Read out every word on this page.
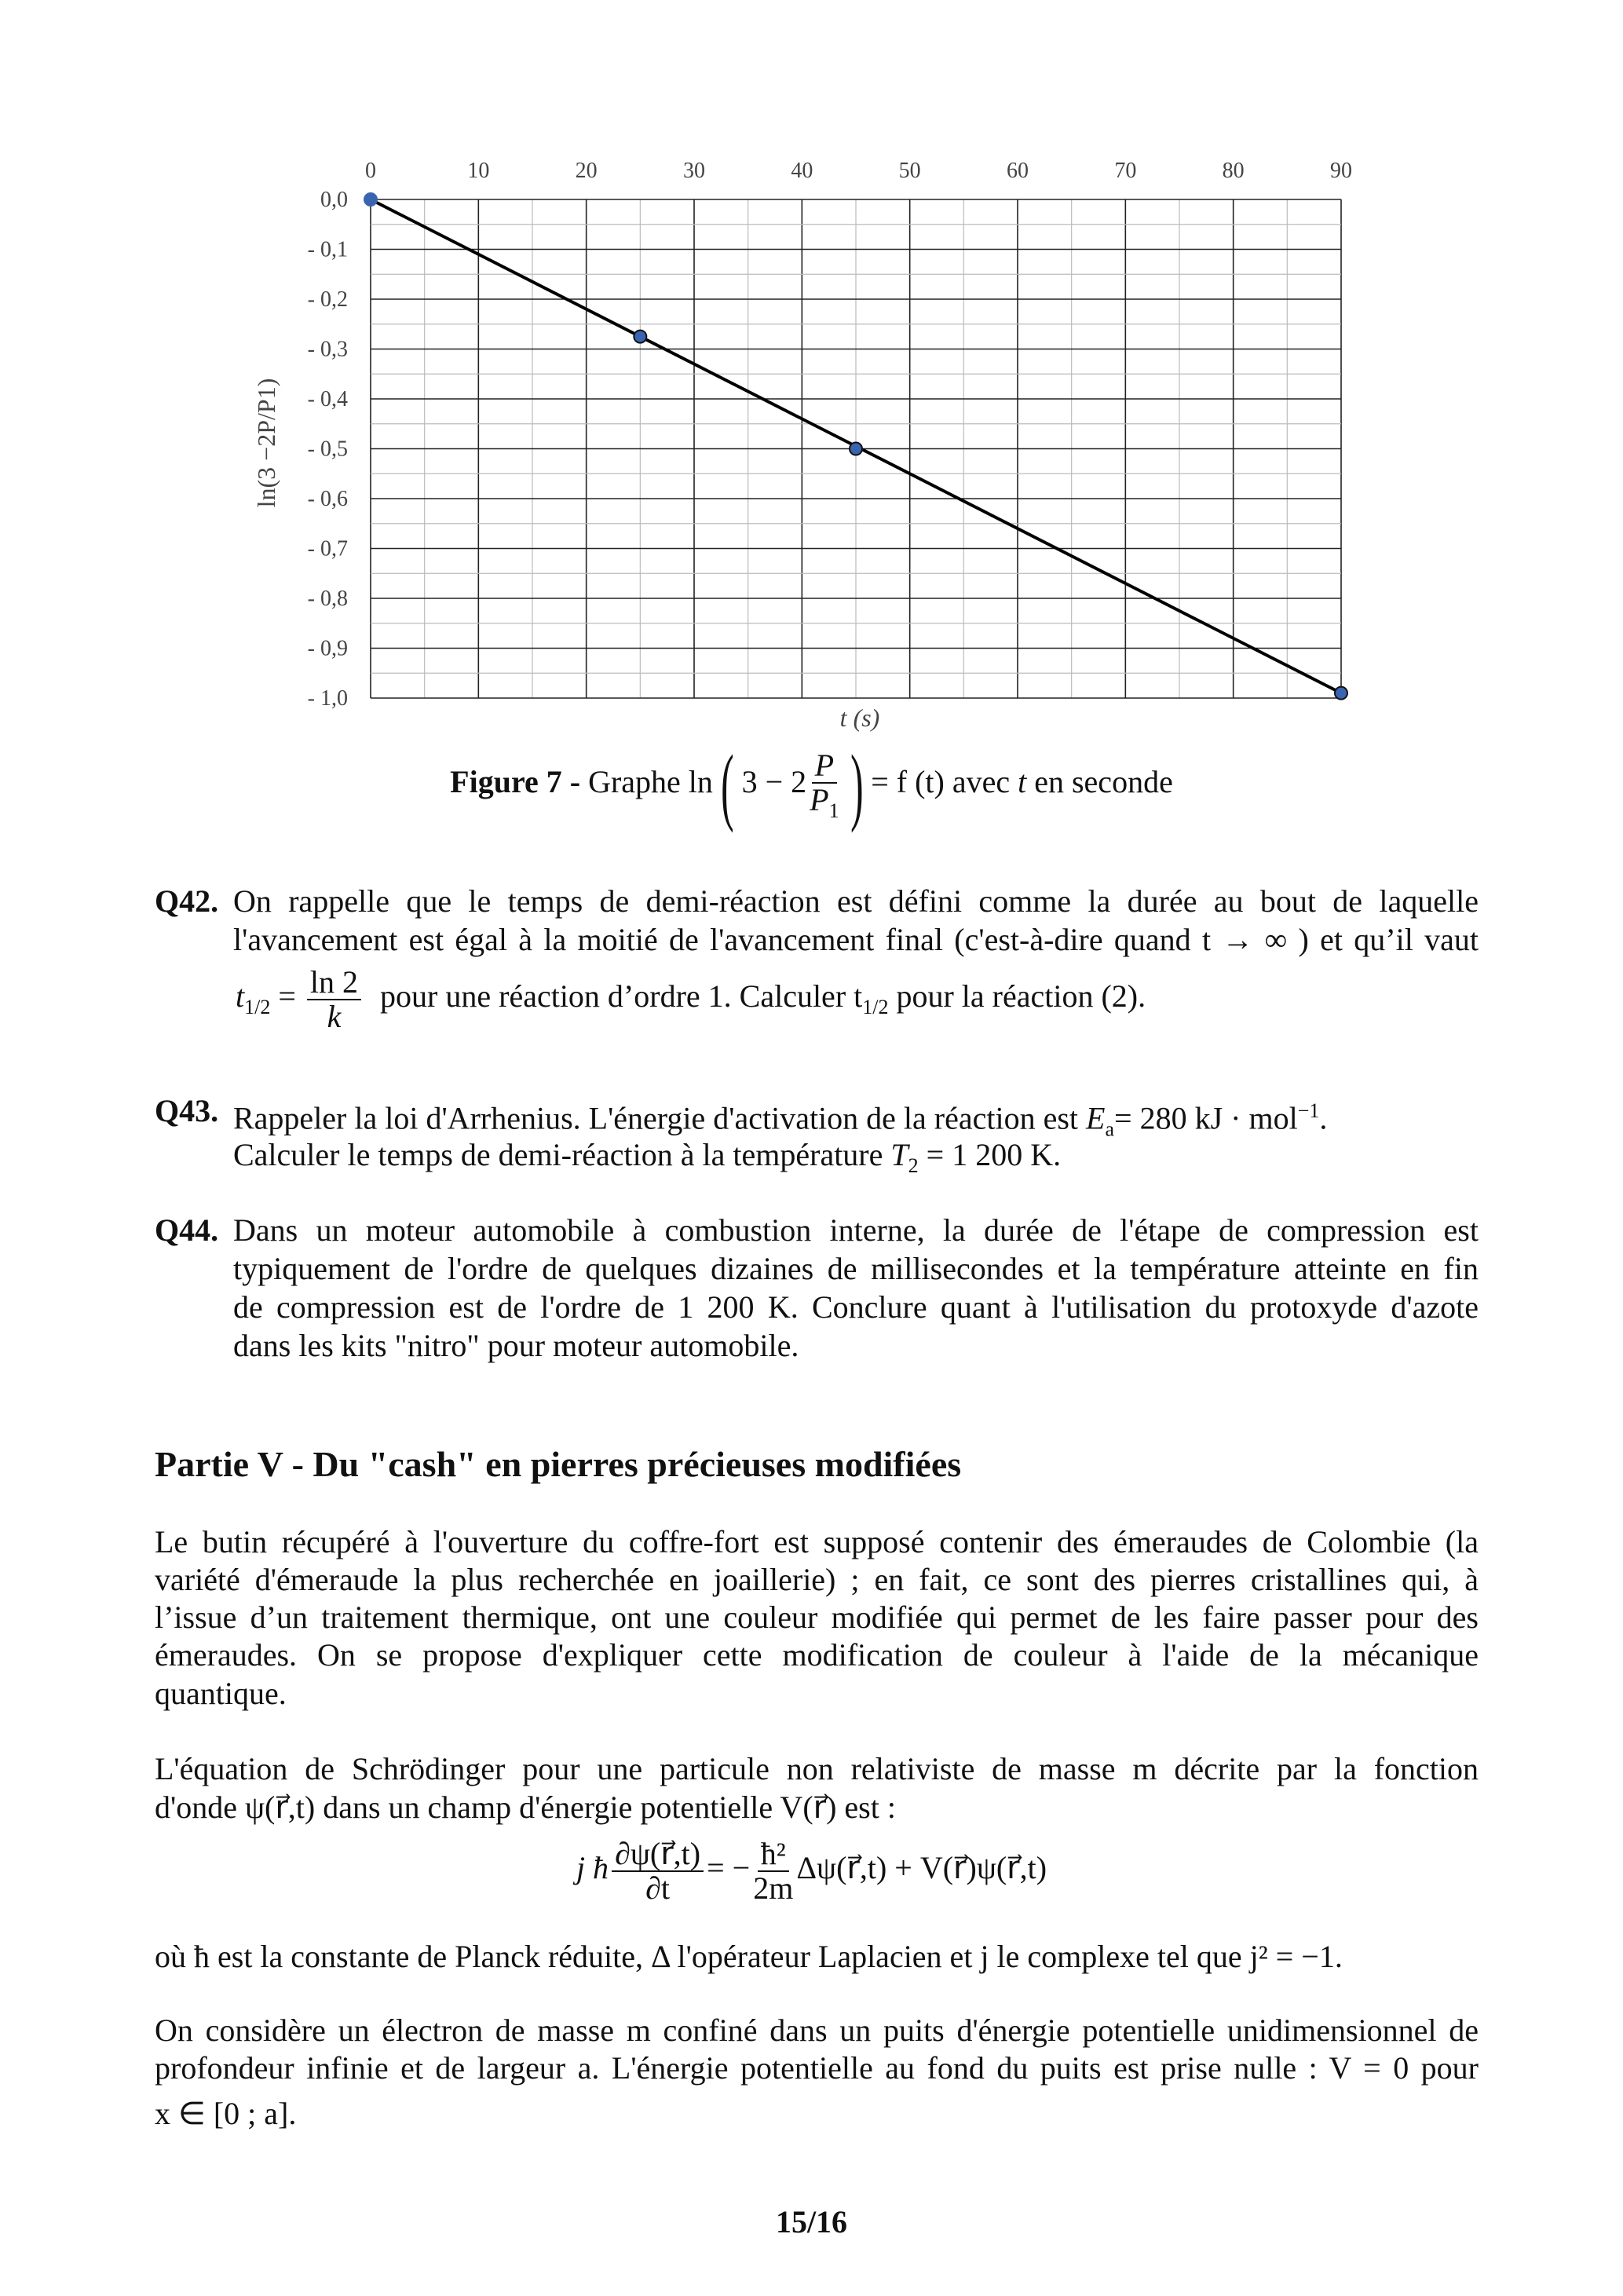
0	10	20	30	40	50	60	70	80	90
0,0
- 0,1
- 0,2
- 0,3
- 0,4
- 0,5
- 0,6
- 0,7
- 0,8
- 0,9
- 1,0
ln(3 −2P/P1)
t (s)
Figure 7 - Graphe ln( $3 - 2 \frac{P}{P_1}$ ) = f (t) avec t en seconde
Q42. On rappelle que le temps de demi-réaction est défini comme la durée au bout de laquelle
l'avancement est égal à la moitié de l'avancement final (c'est-à-dire quand t → ∞ ) et qu’il vaut
$t_{1/2} = \frac{\ln 2}{k}$ pour une réaction d’ordre 1. Calculer $t_{1/2}$ pour la réaction (2).
Q43. Rappeler la loi d'Arrhenius. L'énergie d'activation de la réaction est $E_a= 280$ kJ · mol$^{-1}$.
Calculer le temps de demi-réaction à la température $T_2 = 1$ 200 K.
Q44. Dans un moteur automobile à combustion interne, la durée de l'étape de compression est
typiquement de l'ordre de quelques dizaines de millisecondes et la température atteinte en fin
de compression est de l'ordre de 1 200 K. Conclure quant à l'utilisation du protoxyde d'azote
dans les kits "nitro" pour moteur automobile.
Partie V - Du "cash" en pierres précieuses modifiées
Le butin récupéré à l'ouverture du coffre-fort est supposé contenir des émeraudes de Colombie (la
variété d'émeraude la plus recherchée en joaillerie) ; en fait, ce sont des pierres cristallines qui, à
l’issue d’un traitement thermique, ont une couleur modifiée qui permet de les faire passer pour des
émeraudes. On se propose d'expliquer cette modification de couleur à l'aide de la mécanique
quantique.
L'équation de Schrödinger pour une particule non relativiste de masse m décrite par la fonction
d'onde ψ(r⃗,t) dans un champ d'énergie potentielle V(r⃗) est :
j ħ $\frac{\partial\psi(r⃗,t)}{\partial t}$ = − $\frac{\text{ħ²}}{2m}$ Δψ(r⃗,t) + V(r⃗)ψ(r⃗,t)
où ħ est la constante de Planck réduite, Δ l'opérateur Laplacien et j le complexe tel que j² = −1.
On considère un électron de masse m confiné dans un puits d'énergie potentielle unidimensionnel de
profondeur infinie et de largeur a. L'énergie potentielle au fond du puits est prise nulle : V = 0 pour
x ∈ [0 ; a].
15/16
